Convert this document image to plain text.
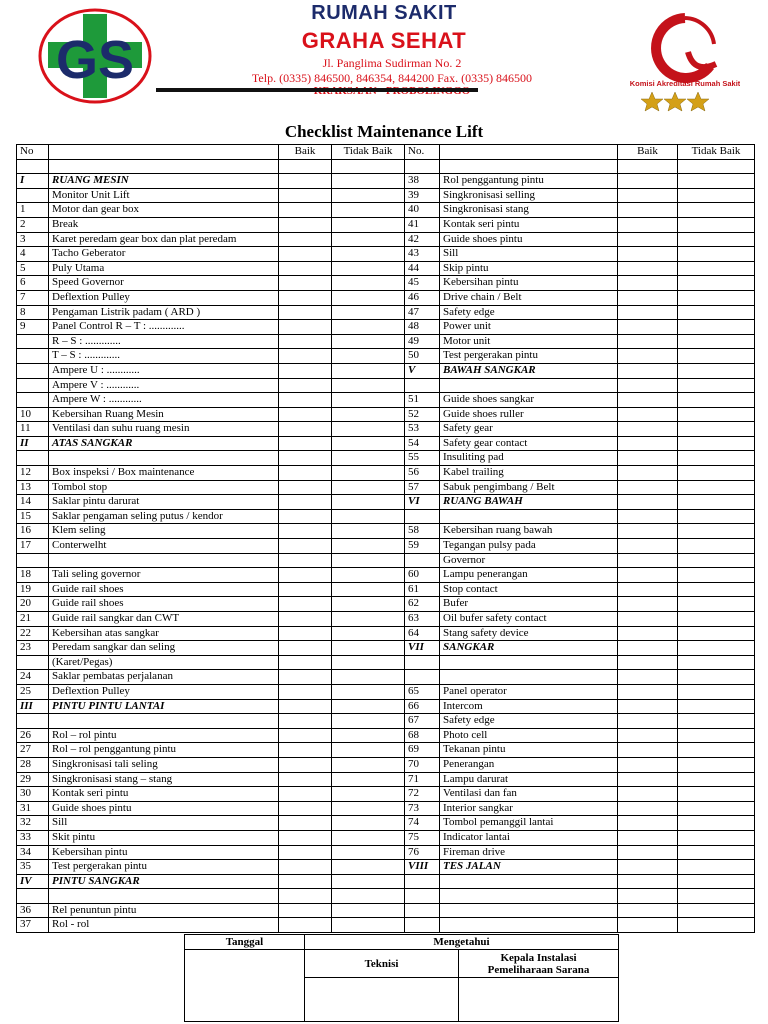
GS
RUMAH SAKIT
GRAHA SEHAT
Jl. Panglima Sudirman No. 2
Telp. (0335) 846500, 846354, 844200 Fax. (0335) 846500	Komisi Akreditasi Rumah Sakit
Checklist Maintenance Lift
No		Baik	Tidak Baik	No.		Baik	Tidak Baik

I	RUANG MESIN			38	Rol penggantung pintu		
	Monitor Unit Lift			39	Singkronisasi selling		
1	Motor dan gear box			40	Singkronisasi stang		
2	Break			41	Kontak seri pintu		
3	Karet peredam gear box dan plat peredam			42	Guide shoes pintu		
4	Tacho Geberator			43	Sill		
5	Puly Utama			44	Skip pintu		
6	Speed Governor			45	Kebersihan pintu		
7	Deflextion Pulley			46	Drive chain / Belt		
8	Pengaman Listrik padam ( ARD )			47	Safety edge		
9	Panel Control R – T : .............			48	Power unit		
	R – S : .............			49	Motor unit		
	T – S : .............			50	Test pergerakan pintu		
	Ampere U : ............			V	BAWAH SANGKAR		
	Ampere V : ............						
	Ampere W : ............			51	Guide shoes sangkar		
10	Kebersihan Ruang Mesin			52	Guide shoes ruller		
11	Ventilasi dan suhu ruang mesin			53	Safety gear		
II	ATAS SANGKAR			54	Safety gear contact		
				55	Insuliting pad		
12	Box inspeksi / Box maintenance			56	Kabel trailing		
13	Tombol stop			57	Sabuk pengimbang / Belt		
14	Saklar pintu darurat			VI	RUANG BAWAH		
15	Saklar pengaman seling putus / kendor						
16	Klem seling			58	Kebersihan ruang bawah		
17	Conterwelht			59	Tegangan pulsy pada		
					Governor		
18	Tali seling governor			60	Lampu penerangan		
19	Guide rail shoes			61	Stop contact		
20	Guide rail shoes			62	Bufer		
21	Guide rail sangkar dan CWT			63	Oil bufer safety contact		
22	Kebersihan atas sangkar			64	Stang safety device		
23	Peredam sangkar dan seling			VII	SANGKAR		
	(Karet/Pegas)						
24	Saklar pembatas perjalanan						
25	Deflextion Pulley			65	Panel operator		
III	PINTU PINTU LANTAI			66	Intercom		
				67	Safety edge		
26	Rol – rol pintu			68	Photo cell		
27	Rol – rol penggantung pintu			69	Tekanan pintu		
28	Singkronisasi tali seling			70	Penerangan		
29	Singkronisasi stang – stang			71	Lampu darurat		
30	Kontak seri pintu			72	Ventilasi dan fan		
31	Guide shoes pintu			73	Interior sangkar		
32	Sill			74	Tombol pemanggil lantai		
33	Skit pintu			75	Indicator lantai		
34	Kebersihan pintu			76	Fireman drive		
35	Test pergerakan pintu			VIII	TES JALAN		
IV	PINTU SANGKAR						

36	Rel penuntun pintu						
37	Rol - rol						
Tanggal	Mengetahui	
	Teknisi	Kepala Instalasi
Pemeliharaan Sarana
